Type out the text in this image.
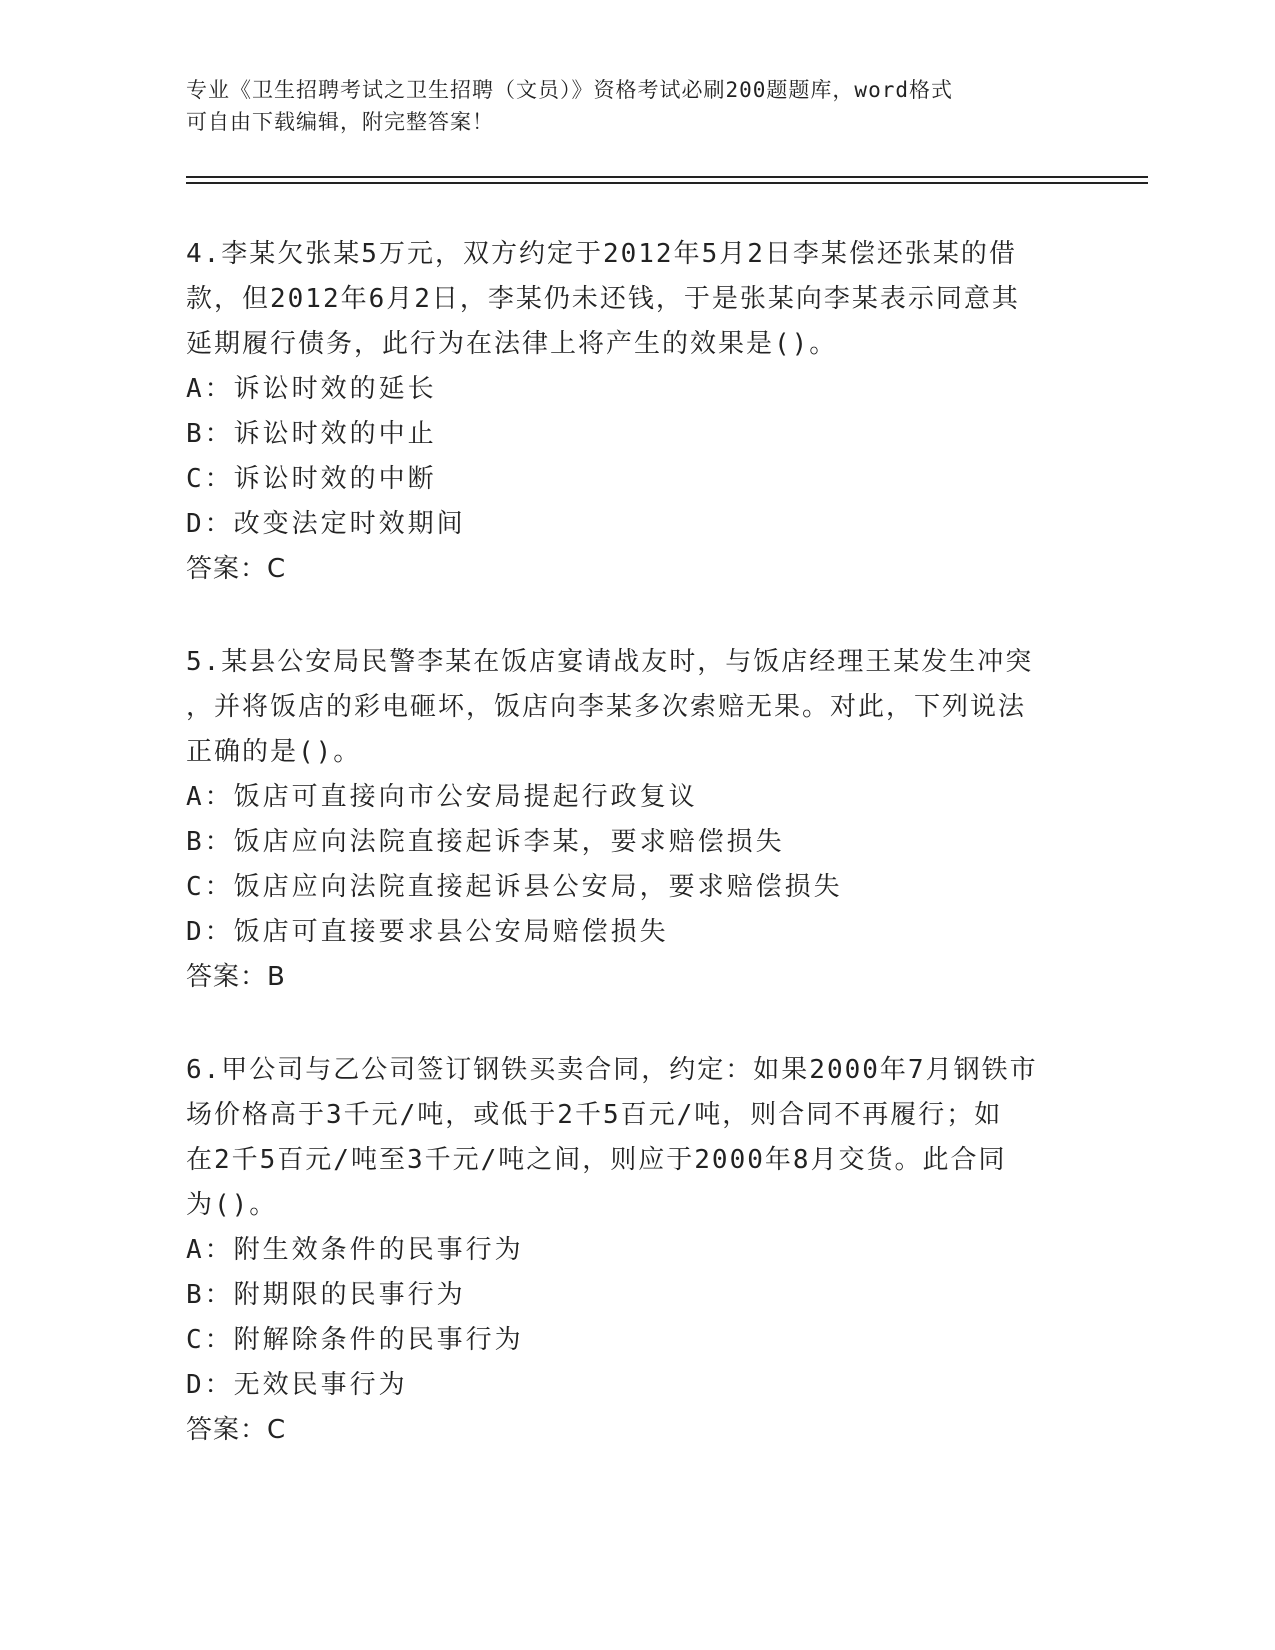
专业《卫生招聘考试之卫生招聘（文员）》资格考试必刷200题题库，word格式
可自由下载编辑，附完整答案！
4.李某欠张某5万元，双方约定于2012年5月2日李某偿还张某的借
款，但2012年6月2日，李某仍未还钱，于是张某向李某表示同意其
延期履行债务，此行为在法律上将产生的效果是()。
A：诉讼时效的延长
B：诉讼时效的中止
C：诉讼时效的中断
D：改变法定时效期间
答案：C
5.某县公安局民警李某在饭店宴请战友时，与饭店经理王某发生冲突
，并将饭店的彩电砸坏，饭店向李某多次索赔无果。对此，下列说法
正确的是()。
A：饭店可直接向市公安局提起行政复议
B：饭店应向法院直接起诉李某，要求赔偿损失
C：饭店应向法院直接起诉县公安局，要求赔偿损失
D：饭店可直接要求县公安局赔偿损失
答案：B
6.甲公司与乙公司签订钢铁买卖合同，约定：如果2000年7月钢铁市
场价格高于3千元/吨，或低于2千5百元/吨，则合同不再履行；如
在2千5百元/吨至3千元/吨之间，则应于2000年8月交货。此合同
为()。
A：附生效条件的民事行为
B：附期限的民事行为
C：附解除条件的民事行为
D：无效民事行为
答案：C
